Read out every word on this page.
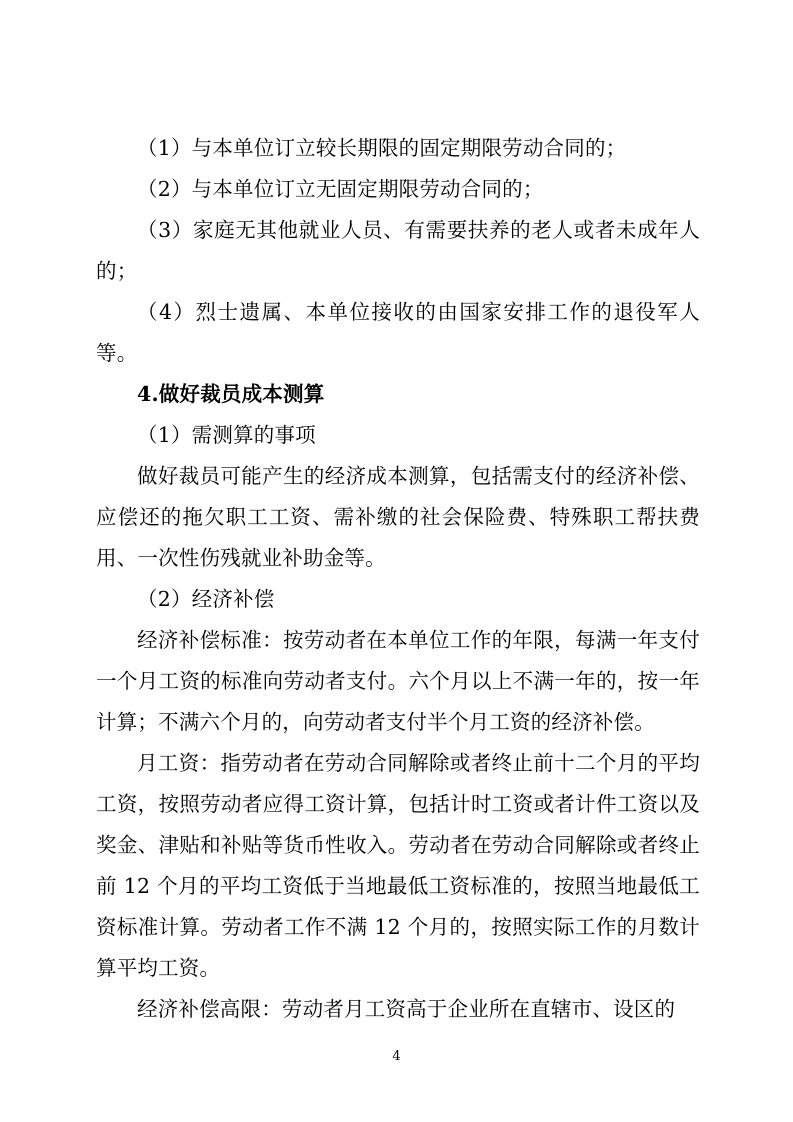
（1）与本单位订立较长期限的固定期限劳动合同的；

（2）与本单位订立无固定期限劳动合同的；

（3）家庭无其他就业人员、有需要扶养的老人或者未成年人的；

（4）烈士遗属、本单位接收的由国家安排工作的退役军人等。

4.做好裁员成本测算

（1）需测算的事项

做好裁员可能产生的经济成本测算，包括需支付的经济补偿、应偿还的拖欠职工工资、需补缴的社会保险费、特殊职工帮扶费用、一次性伤残就业补助金等。

（2）经济补偿

经济补偿标准：按劳动者在本单位工作的年限，每满一年支付一个月工资的标准向劳动者支付。六个月以上不满一年的，按一年计算；不满六个月的，向劳动者支付半个月工资的经济补偿。

月工资：指劳动者在劳动合同解除或者终止前十二个月的平均工资，按照劳动者应得工资计算，包括计时工资或者计件工资以及奖金、津贴和补贴等货币性收入。劳动者在劳动合同解除或者终止前 12 个月的平均工资低于当地最低工资标准的，按照当地最低工资标准计算。劳动者工作不满 12 个月的，按照实际工作的月数计算平均工资。

经济补偿高限：劳动者月工资高于企业所在直辖市、设区的

4
